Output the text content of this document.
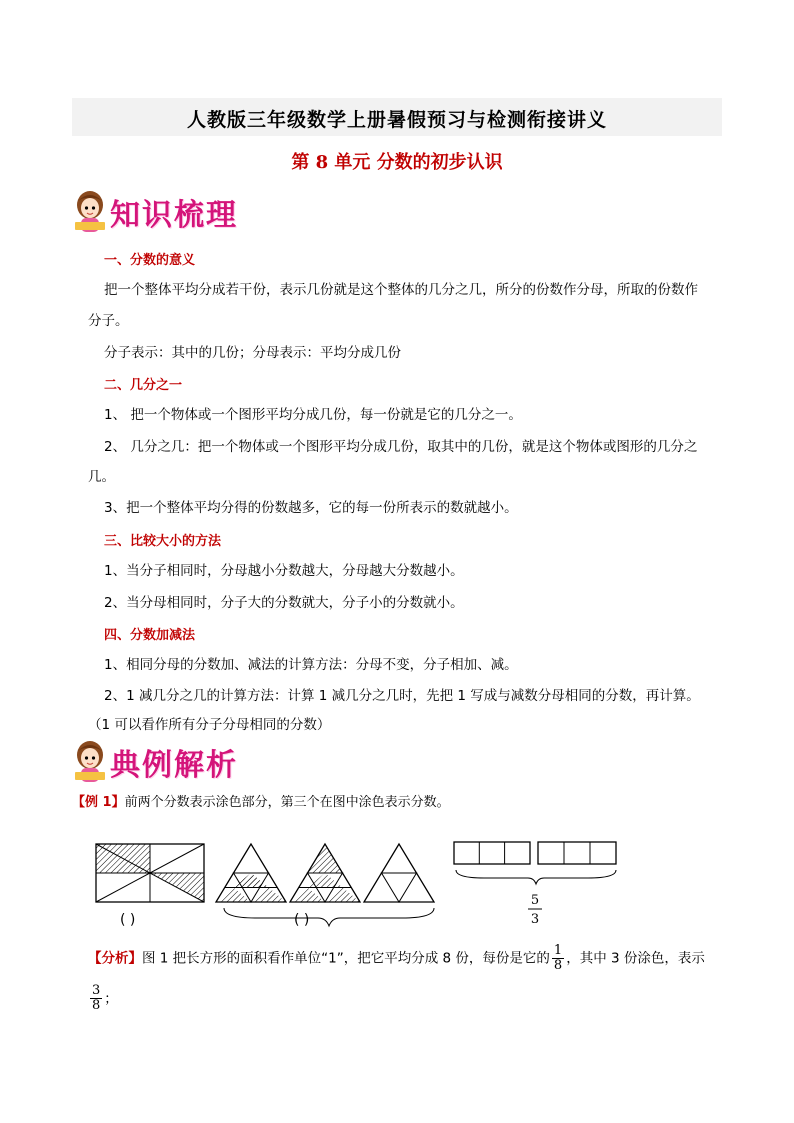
人教版三年级数学上册暑假预习与检测衔接讲义
第 8 单元 分数的初步认识
知识梳理
一、分数的意义
把一个整体平均分成若干份，表示几份就是这个整体的几分之几，所分的份数作分母，所取的份数作
分子。
分子表示：其中的几份；分母表示：平均分成几份
二、几分之一
1、 把一个物体或一个图形平均分成几份，每一份就是它的几分之一。
2、 几分之几：把一个物体或一个图形平均分成几份，取其中的几份，就是这个物体或图形的几分之
几。
3、把一个整体平均分得的份数越多，它的每一份所表示的数就越小。
三、比较大小的方法
1、当分子相同时，分母越小分数越大，分母越大分数越小。
2、当分母相同时，分子大的分数就大，分子小的分数就小。
四、分数加减法
1、相同分母的分数加、减法的计算方法：分母不变，分子相加、减。
2、1 减几分之几的计算方法：计算 1 减几分之几时，先把 1 写成与减数分母相同的分数，再计算。
（1 可以看作所有分子分母相同的分数）
典例解析
【例 1】前两个分数表示涂色部分，第三个在图中涂色表示分数。
5
3
( )	( )
【分析】图 1 把长方形的面积看作单位“1”，把它平均分成 8 份，每份是它的 $\frac{1}{8}$ ，其中 3 份涂色，表示
$\frac{3}{8}$ ；
